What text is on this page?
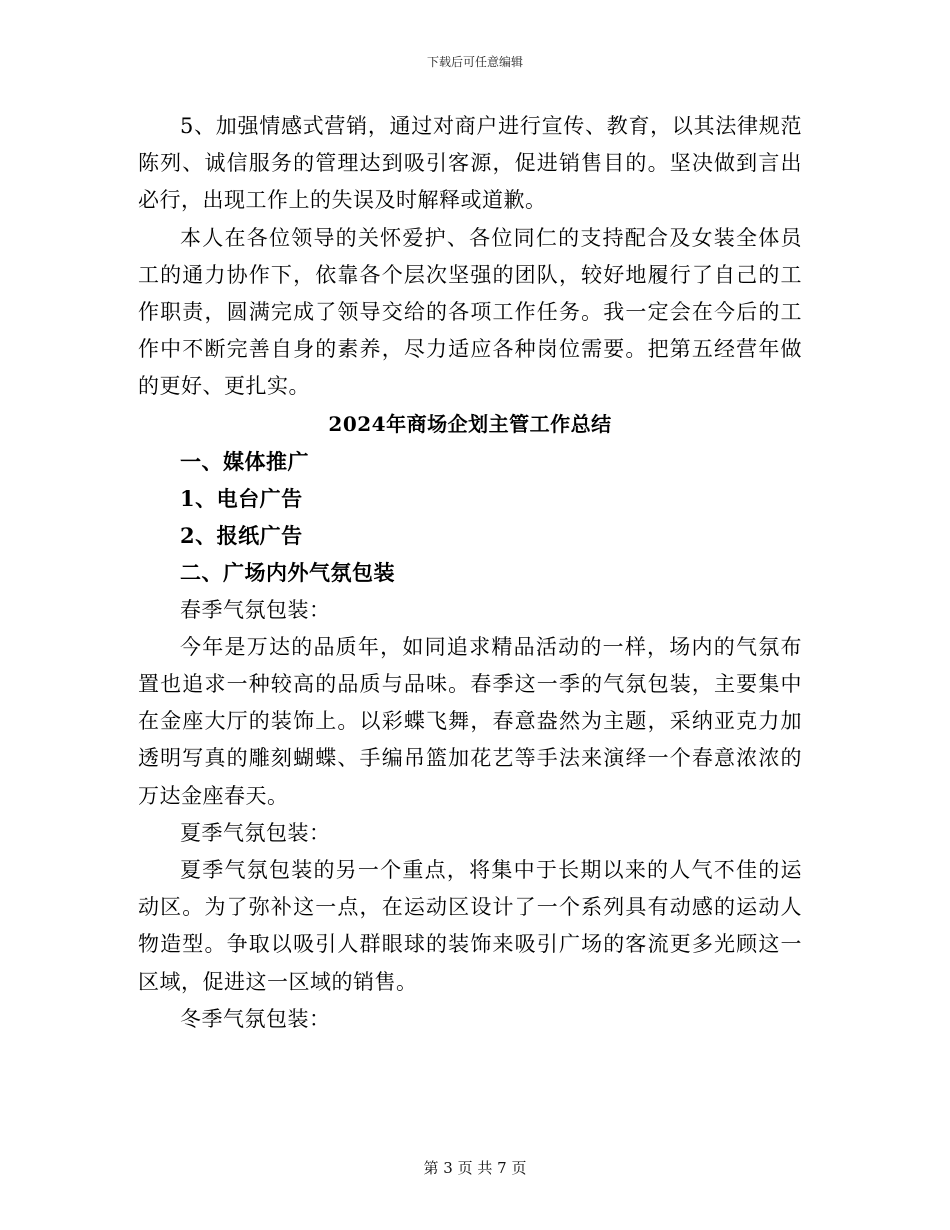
下载后可任意编辑

5、加强情感式营销，通过对商户进行宣传、教育，以其法律规范陈列、诚信服务的管理达到吸引客源，促进销售目的。坚决做到言出必行，出现工作上的失误及时解释或道歉。

本人在各位领导的关怀爱护、各位同仁的支持配合及女装全体员工的通力协作下，依靠各个层次坚强的团队，较好地履行了自己的工作职责，圆满完成了领导交给的各项工作任务。我一定会在今后的工作中不断完善自身的素养，尽力适应各种岗位需要。把第五经营年做的更好、更扎实。

2024年商场企划主管工作总结

一、媒体推广

1、电台广告

2、报纸广告

二、广场内外气氛包装

春季气氛包装：

今年是万达的品质年，如同追求精品活动的一样，场内的气氛布置也追求一种较高的品质与品味。春季这一季的气氛包装，主要集中在金座大厅的装饰上。以彩蝶飞舞，春意盎然为主题，采纳亚克力加透明写真的雕刻蝴蝶、手编吊篮加花艺等手法来演绎一个春意浓浓的万达金座春天。

夏季气氛包装：

夏季气氛包装的另一个重点，将集中于长期以来的人气不佳的运动区。为了弥补这一点，在运动区设计了一个系列具有动感的运动人物造型。争取以吸引人群眼球的装饰来吸引广场的客流更多光顾这一区域，促进这一区域的销售。

冬季气氛包装：

第 3 页 共 7 页
